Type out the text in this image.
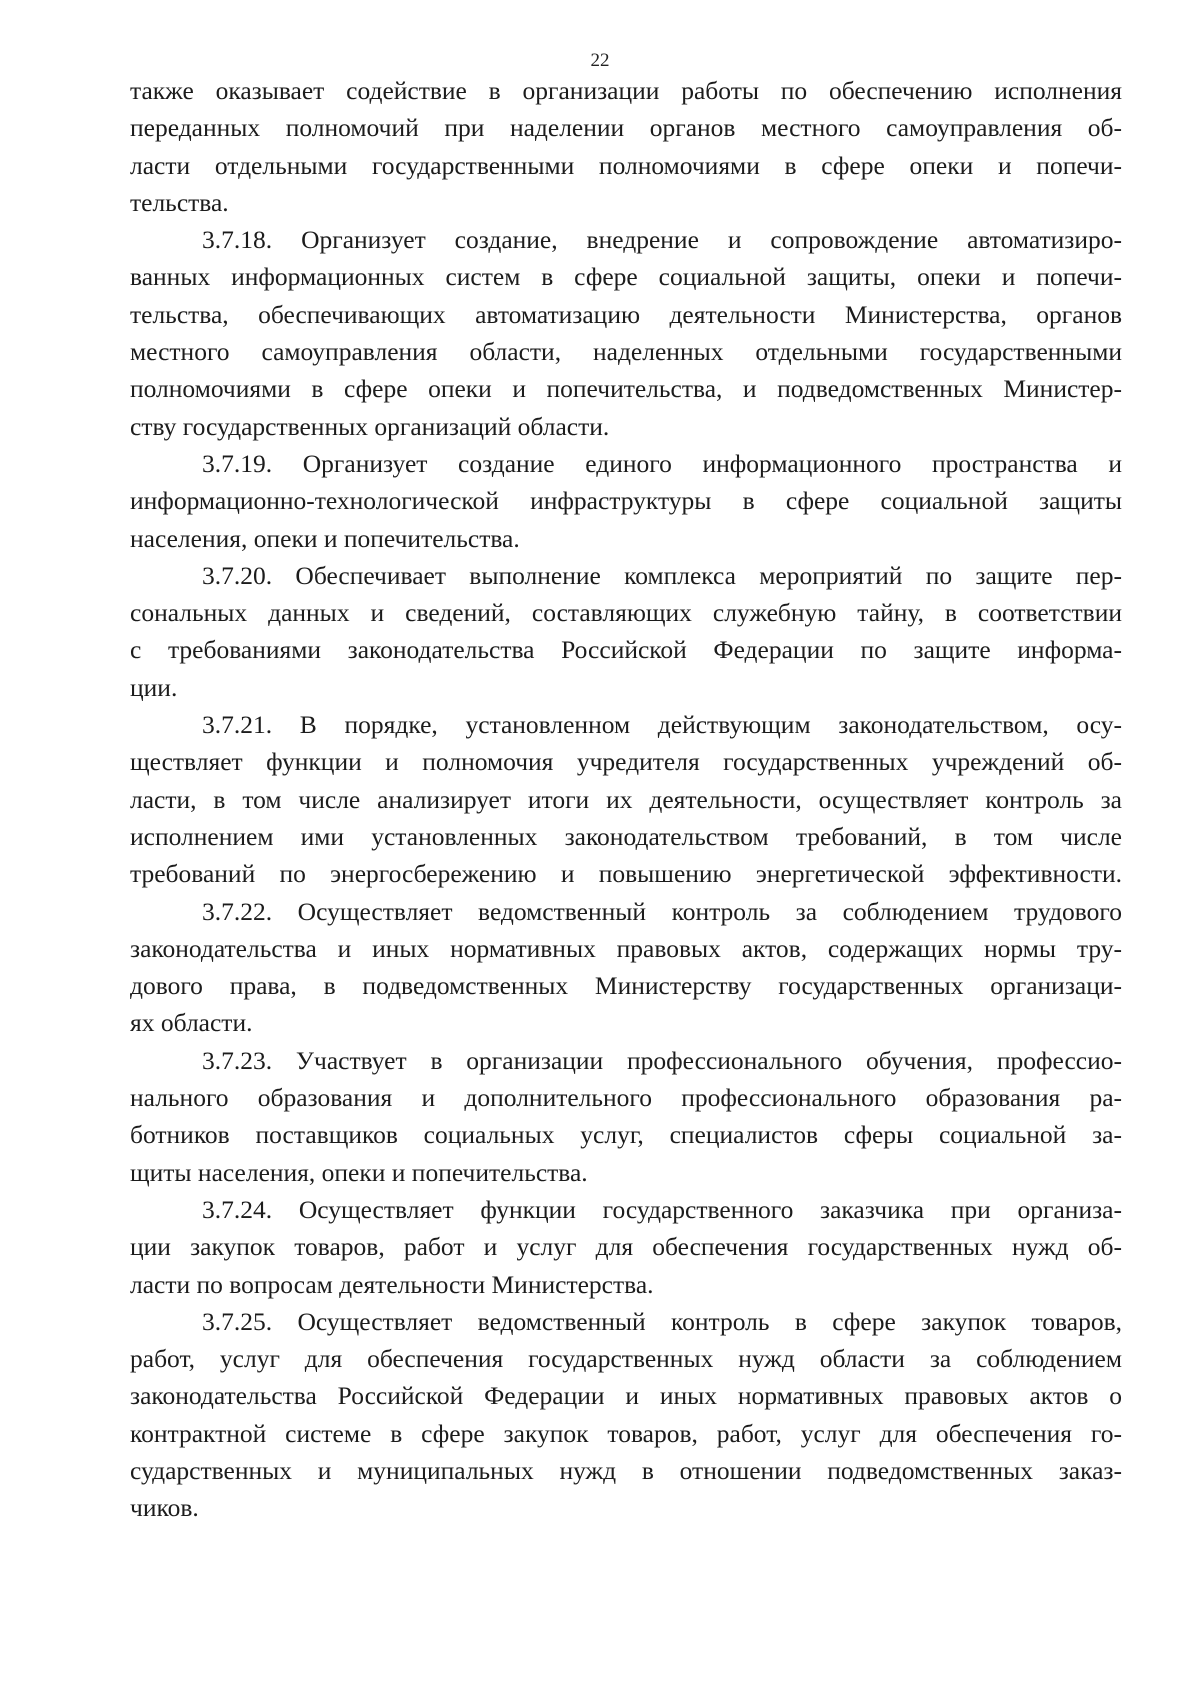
22
также оказывает содействие в организации работы по обеспечению исполнения
переданных полномочий при наделении органов местного самоуправления об-
ласти отдельными государственными полномочиями в сфере опеки и попечи-
тельства.
3.7.18. Организует создание, внедрение и сопровождение автоматизиро-
ванных информационных систем в сфере социальной защиты, опеки и попечи-
тельства, обеспечивающих автоматизацию деятельности Министерства, органов
местного самоуправления области, наделенных отдельными государственными
полномочиями в сфере опеки и попечительства, и подведомственных Министер-
ству государственных организаций области.
3.7.19. Организует создание единого информационного пространства и
информационно-технологической инфраструктуры в сфере социальной защиты
населения, опеки и попечительства.
3.7.20. Обеспечивает выполнение комплекса мероприятий по защите пер-
сональных данных и сведений, составляющих служебную тайну, в соответствии
с требованиями законодательства Российской Федерации по защите информа-
ции.
3.7.21. В порядке, установленном действующим законодательством, осу-
ществляет функции и полномочия учредителя государственных учреждений об-
ласти, в том числе анализирует итоги их деятельности, осуществляет контроль за
исполнением ими установленных законодательством требований, в том числе
требований по энергосбережению и повышению энергетической эффективности.
3.7.22. Осуществляет ведомственный контроль за соблюдением трудового
законодательства и иных нормативных правовых актов, содержащих нормы тру-
дового права, в подведомственных Министерству государственных организаци-
ях области.
3.7.23. Участвует в организации профессионального обучения, профессио-
нального образования и дополнительного профессионального образования ра-
ботников поставщиков социальных услуг, специалистов сферы социальной за-
щиты населения, опеки и попечительства.
3.7.24. Осуществляет функции государственного заказчика при организа-
ции закупок товаров, работ и услуг для обеспечения государственных нужд об-
ласти по вопросам деятельности Министерства.
3.7.25. Осуществляет ведомственный контроль в сфере закупок товаров,
работ, услуг для обеспечения государственных нужд области за соблюдением
законодательства Российской Федерации и иных нормативных правовых актов о
контрактной системе в сфере закупок товаров, работ, услуг для обеспечения го-
сударственных и муниципальных нужд в отношении подведомственных заказ-
чиков.
